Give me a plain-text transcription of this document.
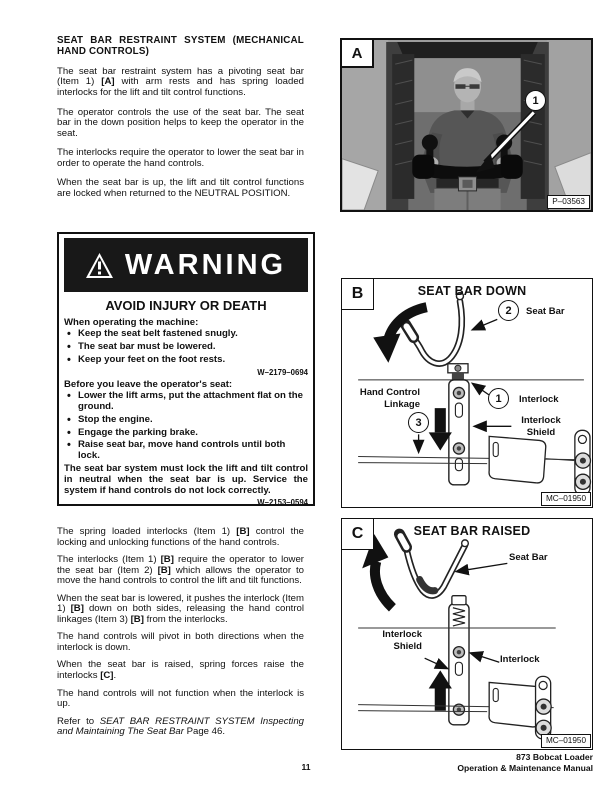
SEAT BAR RESTRAINT SYSTEM (MECHANICAL HAND CONTROLS)

The seat bar restraint system has a pivoting seat bar (Item 1) [A] with arm rests and has spring loaded interlocks for the lift and tilt control functions.

The operator controls the use of the seat bar. The seat bar in the down position helps to keep the operator in the seat.

The interlocks require the operator to lower the seat bar in order to operate the hand controls.

When the seat bar is up, the lift and tilt control functions are locked when returned to the NEUTRAL POSITION.

WARNING
AVOID INJURY OR DEATH
When operating the machine:
• Keep the seat belt fastened snugly.
• The seat bar must be lowered.
• Keep your feet on the foot rests.
W–2179–0694
Before you leave the operator's seat:
• Lower the lift arms, put the attachment flat on the ground.
• Stop the engine.
• Engage the parking brake.
• Raise seat bar, move hand controls until both lock.
The seat bar system must lock the lift and tilt control in neutral when the seat bar is up. Service the system if hand controls do not lock correctly.
W–2153–0594

The spring loaded interlocks (Item 1) [B] control the locking and unlocking functions of the hand controls.

The interlocks (Item 1) [B] require the operator to lower the seat bar (Item 2) [B] which allows the operator to move the hand controls to control the lift and tilt functions.

When the seat bar is lowered, it pushes the interlock (Item 1) [B] down on both sides, releasing the hand control linkages (Item 3) [B] from the interlocks.

The hand controls will pivot in both directions when the interlock is down.

When the seat bar is raised, spring forces raise the interlocks [C].

The hand controls will not function when the interlock is up.

Refer to SEAT BAR RESTRAINT SYSTEM Inspecting and Maintaining The Seat Bar Page 46.

A
1
P–03563
B	SEAT BAR DOWN
2	Seat Bar
1	Interlock
Hand Control
Linkage
3	Interlock
Shield
MC–01950
C	SEAT BAR RAISED
Seat Bar
Interlock
Shield
Interlock
MC–01950
11
873 Bobcat Loader
Operation & Maintenance Manual
